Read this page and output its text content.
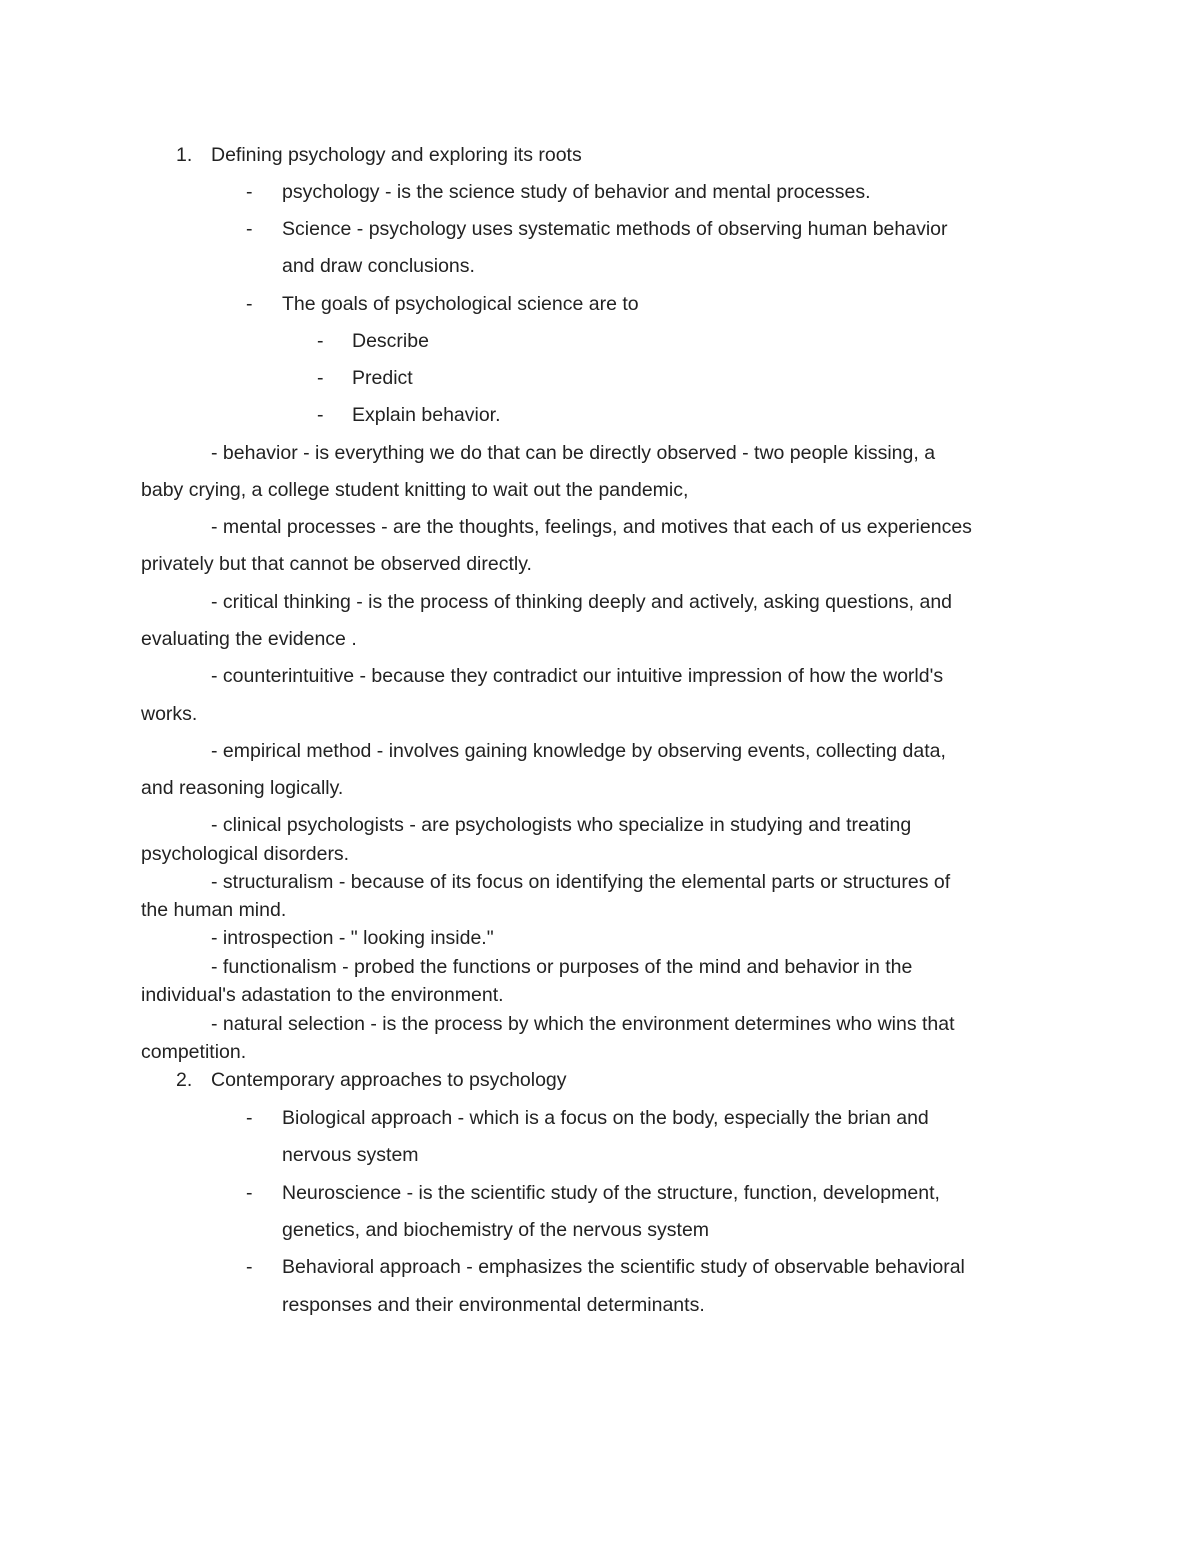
1. Defining psychology and exploring its roots
- psychology - is the science study of behavior and mental processes.
- Science - psychology uses systematic methods of observing human behavior
and draw conclusions.
- The goals of psychological science are to
- Describe
- Predict
- Explain behavior.
- behavior - is everything we do that can be directly observed - two people kissing, a
baby crying, a college student knitting to wait out the pandemic,
- mental processes - are the thoughts, feelings, and motives that each of us experiences
privately but that cannot be observed directly.
- critical thinking - is the process of thinking deeply and actively, asking questions, and
evaluating the evidence .
- counterintuitive - because they contradict our intuitive impression of how the world's
works.
- empirical method - involves gaining knowledge by observing events, collecting data,
and reasoning logically.
- clinical psychologists - are psychologists who specialize in studying and treating
psychological disorders.
- structuralism - because of its focus on identifying the elemental parts or structures of
the human mind.
- introspection - " looking inside."
- functionalism - probed the functions or purposes of the mind and behavior in the
individual's adastation to the environment.
- natural selection - is the process by which the environment determines who wins that
competition.
2. Contemporary approaches to psychology
- Biological approach - which is a focus on the body, especially the brian and
nervous system
- Neuroscience - is the scientific study of the structure, function, development,
genetics, and biochemistry of the nervous system
- Behavioral approach - emphasizes the scientific study of observable behavioral
responses and their environmental determinants.
